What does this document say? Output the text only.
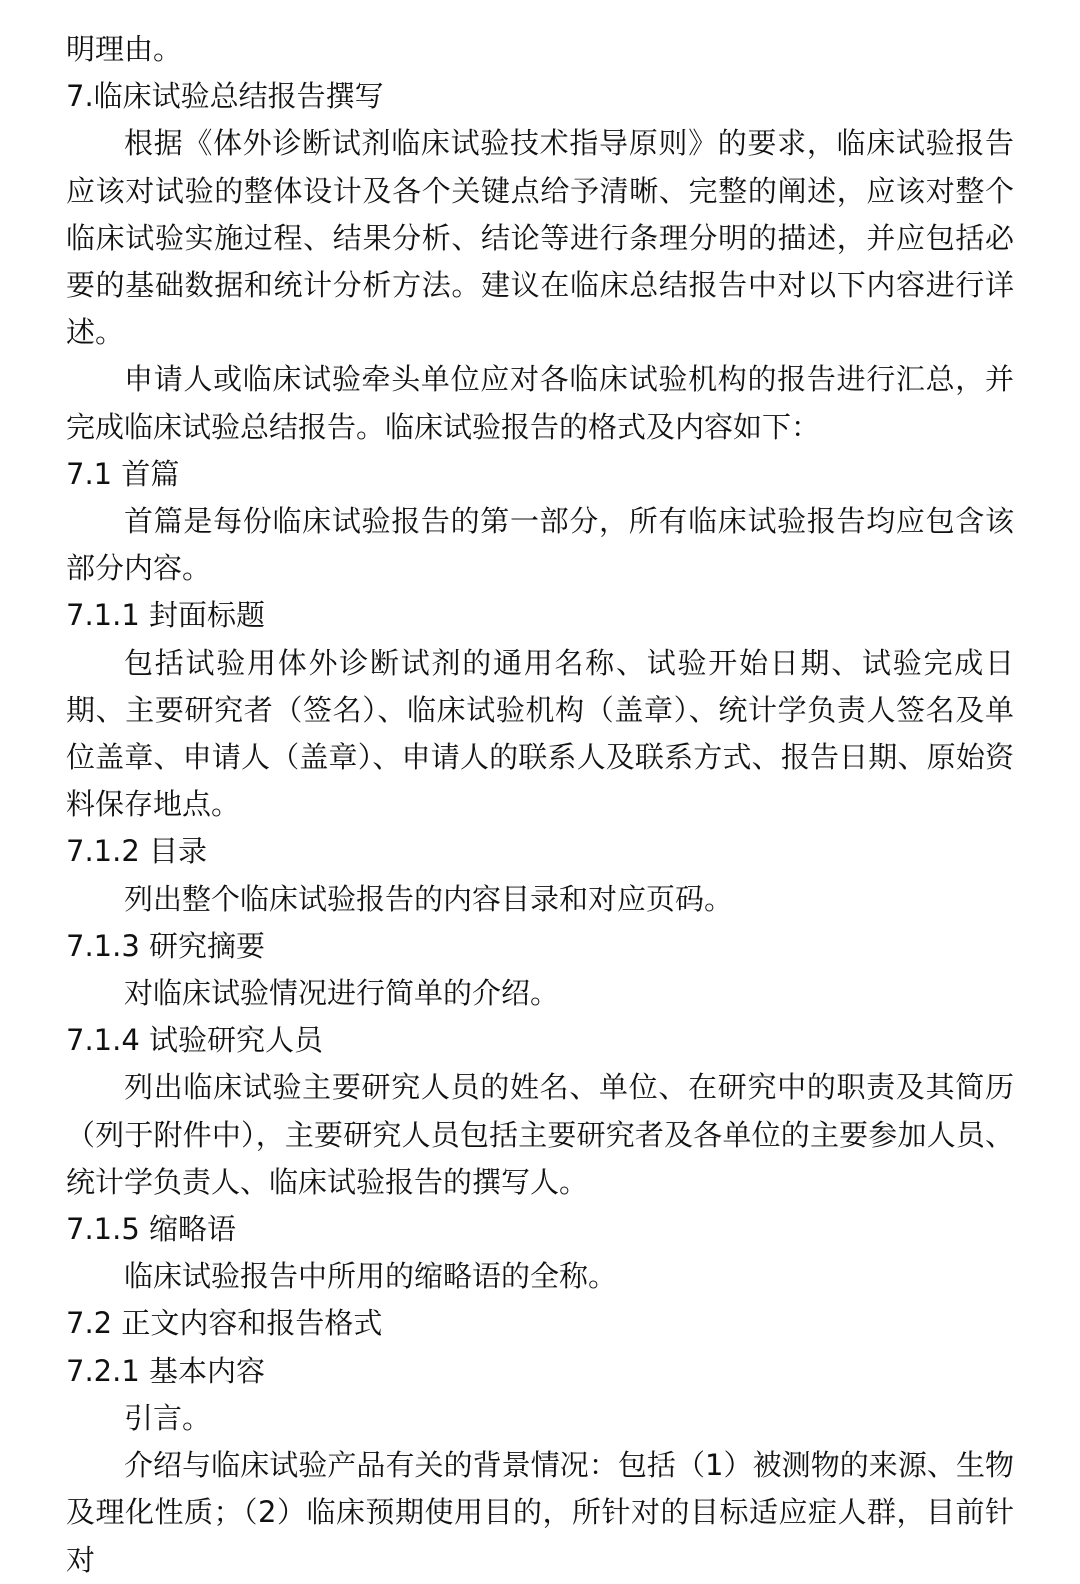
明理由。

7.临床试验总结报告撰写

根据《体外诊断试剂临床试验技术指导原则》的要求，临床试验报告应该对试验的整体设计及各个关键点给予清晰、完整的阐述，应该对整个临床试验实施过程、结果分析、结论等进行条理分明的描述，并应包括必要的基础数据和统计分析方法。建议在临床总结报告中对以下内容进行详述。

申请人或临床试验牵头单位应对各临床试验机构的报告进行汇总，并完成临床试验总结报告。临床试验报告的格式及内容如下：

7.1 首篇

首篇是每份临床试验报告的第一部分，所有临床试验报告均应包含该部分内容。

7.1.1 封面标题

包括试验用体外诊断试剂的通用名称、试验开始日期、试验完成日期、主要研究者（签名）、临床试验机构（盖章）、统计学负责人签名及单位盖章、申请人（盖章）、申请人的联系人及联系方式、报告日期、原始资料保存地点。

7.1.2 目录

列出整个临床试验报告的内容目录和对应页码。

7.1.3 研究摘要

对临床试验情况进行简单的介绍。

7.1.4 试验研究人员

列出临床试验主要研究人员的姓名、单位、在研究中的职责及其简历（列于附件中），主要研究人员包括主要研究者及各单位的主要参加人员、统计学负责人、临床试验报告的撰写人。

7.1.5 缩略语

临床试验报告中所用的缩略语的全称。

7.2 正文内容和报告格式

7.2.1 基本内容

引言。

介绍与临床试验产品有关的背景情况：包括（1）被测物的来源、生物及理化性质；（2）临床预期使用目的，所针对的目标适应症人群，目前针对
